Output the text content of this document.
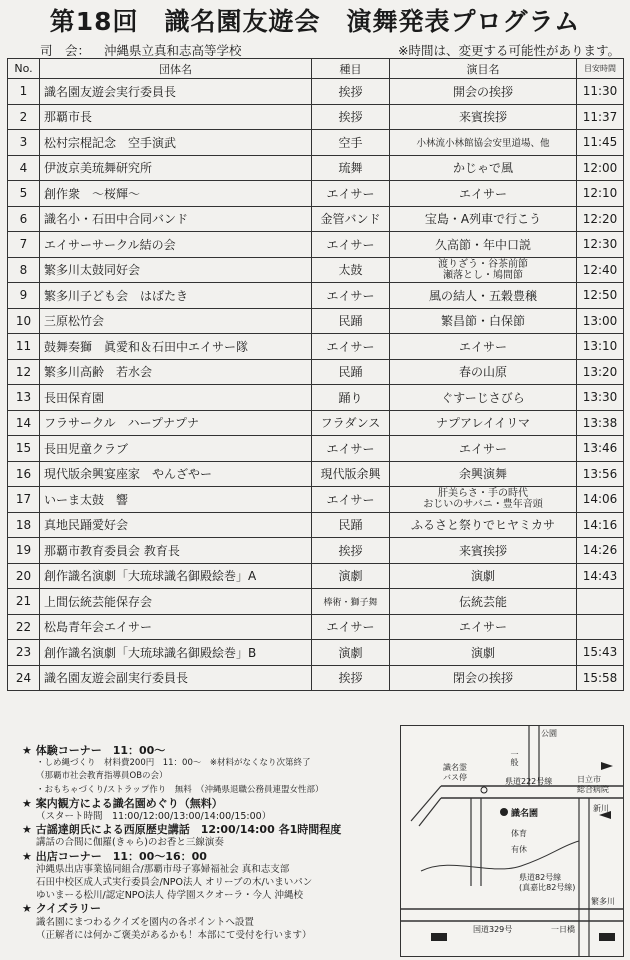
第18回　識名園友遊会　演舞発表プログラム
司　会： 沖縄県立真和志高等学校	※時間は、変更する可能性があります。
No.	団体名	種目	演目名	目安時間
1	識名園友遊会実行委員長	挨拶	開会の挨拶	11:30
2	那覇市長	挨拶	来賓挨拶	11:37
3	松村宗棍記念　空手演武	空手	小林流小林館協会安里道場、他	11:45
4	伊波京美琉舞研究所	琉舞	かじゃで風	12:00
5	創作衆　～桜輝～	エイサー	エイサー	12:10
6	識名小・石田中合同バンド	金管バンド	宝島・A列車で行こう	12:20
7	エイサーサークル結の会	エイサー	久高節・年中口説	12:30
8	繁多川太鼓同好会	太鼓	渡りざう・谷茶前節
瀬落とし・鳩間節	12:40
9	繁多川子ども会　はばたき	エイサー	風の結人・五穀豊穣	12:50
10	三原松竹会	民踊	繁昌節・白保節	13:00
11	鼓舞奏獅　眞愛和＆石田中エイサー隊	エイサー	エイサー	13:10
12	繁多川高齢　若水会	民踊	春の山原	13:20
13	長田保育園	踊り	ぐすーじさびら	13:30
14	フラサークル　ハープナプナ	フラダンス	ナプアレイイリマ	13:38
15	長田児童クラブ	エイサー	エイサー	13:46
16	現代版余興宴座家　やんざやー	現代版余興	余興演舞	13:56
17	いーま太鼓　響	エイサー	肝美らさ・手の時代
おじいのサバニ・豊年音頭	14:06
18	真地民踊愛好会	民踊	ふるさと祭りでヒヤミカサ	14:16
19	那覇市教育委員会 教育長	挨拶	来賓挨拶	14:26
20	創作識名演劇「大琉球識名御殿絵巻」A	演劇	演劇	14:43
21	上間伝統芸能保存会	棒術・獅子舞	伝統芸能	
22	松島青年会エイサー	エイサー	エイサー	
23	創作識名演劇「大琉球識名御殿絵巻」B	演劇	演劇	15:43
24	識名園友遊会副実行委員長	挨拶	閉会の挨拶	15:58
★ 体験コーナー　11：00～
・しめ縄づくり　材料費200円　11：00～　※材料がなくなり次第終了
（那覇市社会教育指導員OBの会）
・おもちゃづくり/ストラップ作り　無料　（沖縄県退職公務員連盟女性部）
★ 案内観方による識名園めぐり（無料）
（スタート時間　11:00/12:00/13:00/14:00/15:00）
★ 古謡達朗氏による西原歴史講話　12:00/14:00 各1時間程度
講話の合間に伽羅(きゃら)のお香と三線演奏
★ 出店コーナー　11：00～16：00
沖縄県出店事業協同組合/那覇市母子寡婦福祉会 真和志支部
石田中校区成人式実行委員会/NPO法人 オリーブの木/いまいパン
ゆいまーる松川/認定NPO法人 侍学園スクオーラ・今人 沖縄校
★ クイズラリー
識名園にまつわるクイズを園内の各ポイントへ設置
（正解者には何かご褒美があるかも！本部にて受付を行います）
公園
一般
識名霊
バス停	県道222号線	日立市
総合病院
新川
識名園
体育
有休
県道82号線
(真嘉比82号線)
繁多川
国道329号	一日橋
